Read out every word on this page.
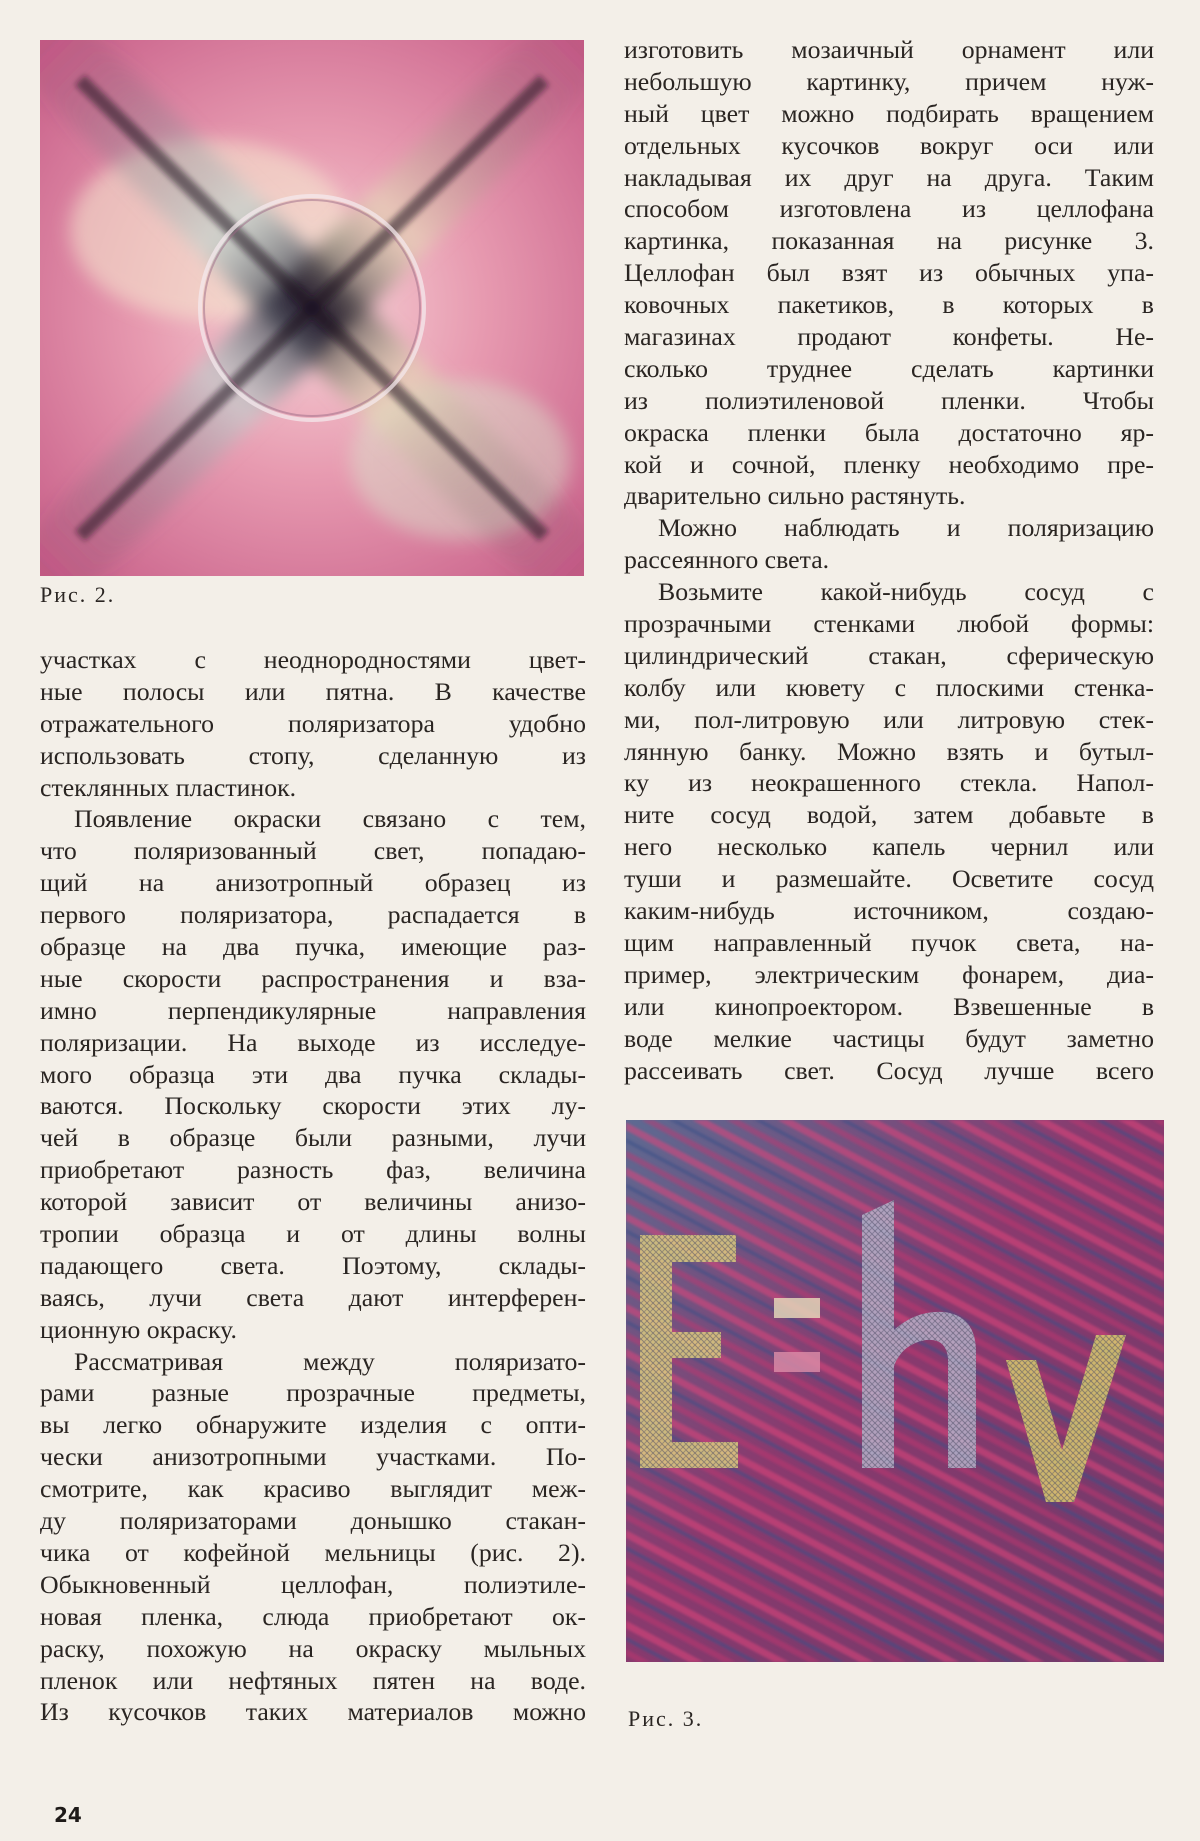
Рис. 2.
Рис. 3.
участках с неоднородностями цвет-
ные полосы или пятна. В качестве
отражательного поляризатора удобно
использовать стопу, сделанную из
стеклянных пластинок.
Появление окраски связано с тем,
что поляризованный свет, попадаю-
щий на анизотропный образец из
первого поляризатора, распадается в
образце на два пучка, имеющие раз-
ные скорости распространения и вза-
имно перпендикулярные направления
поляризации. На выходе из исследуе-
мого образца эти два пучка склады-
ваются. Поскольку скорости этих лу-
чей в образце были разными, лучи
приобретают разность фаз, величина
которой зависит от величины анизо-
тропии образца и от длины волны
падающего света. Поэтому, склады-
ваясь, лучи света дают интерферен-
ционную окраску.
Рассматривая между поляризато-
рами разные прозрачные предметы,
вы легко обнаружите изделия с опти-
чески анизотропными участками. По-
смотрите, как красиво выглядит меж-
ду поляризаторами донышко стакан-
чика от кофейной мельницы (рис. 2).
Обыкновенный целлофан, полиэтиле-
новая пленка, слюда приобретают ок-
раску, похожую на окраску мыльных
пленок или нефтяных пятен на воде.
Из кусочков таких материалов можно
изготовить мозаичный орнамент или
небольшую картинку, причем нуж-
ный цвет можно подбирать вращением
отдельных кусочков вокруг оси или
накладывая их друг на друга. Таким
способом изготовлена из целлофана
картинка, показанная на рисунке 3.
Целлофан был взят из обычных упа-
ковочных пакетиков, в которых в
магазинах продают конфеты. Не-
сколько труднее сделать картинки
из полиэтиленовой пленки. Чтобы
окраска пленки была достаточно яр-
кой и сочной, пленку необходимо пре-
дварительно сильно растянуть.
Можно наблюдать и поляризацию
рассеянного света.
Возьмите какой-нибудь сосуд с
прозрачными стенками любой формы:
цилиндрический стакан, сферическую
колбу или кювету с плоскими стенка-
ми, пол-литровую или литровую стек-
лянную банку. Можно взять и бутыл-
ку из неокрашенного стекла. Напол-
ните сосуд водой, затем добавьте в
него несколько капель чернил или
туши и размешайте. Осветите сосуд
каким-нибудь источником, создаю-
щим направленный пучок света, на-
пример, электрическим фонарем, диа-
или кинопроектором. Взвешенные в
воде мелкие частицы будут заметно
рассеивать свет. Сосуд лучше всего
24
